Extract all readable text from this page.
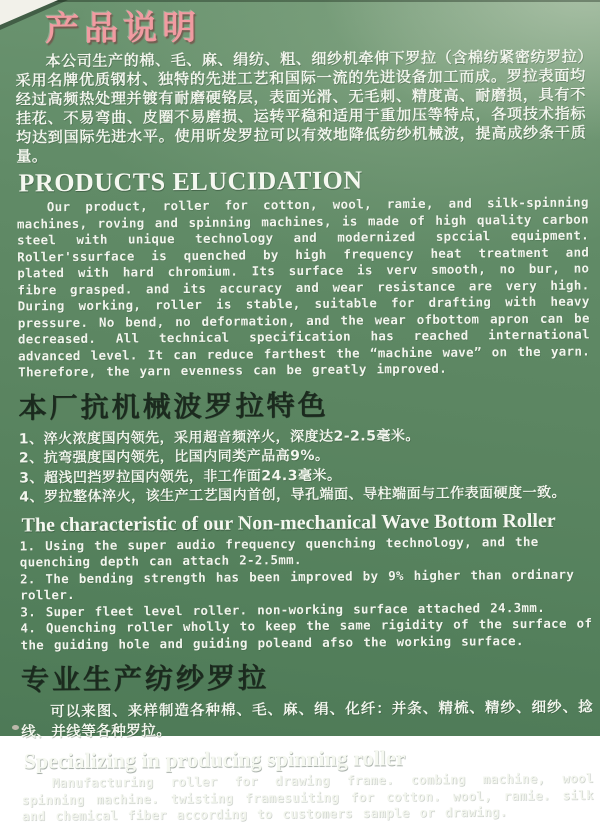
产品说明

本公司生产的棉、毛、麻、绢纺、粗、细纱机牵伸下罗拉（含棉纺紧密纺罗拉）采用名牌优质钢材、独特的先进工艺和国际一流的先进设备加工而成。罗拉表面均经过高频热处理并镀有耐磨硬铬层，表面光滑、无毛刺、精度高、耐磨损，具有不挂花、不易弯曲、皮圈不易磨损、运转平稳和适用于重加压等特点，各项技术指标均达到国际先进水平。使用昕发罗拉可以有效地降低纺纱机械波，提高成纱条干质量。

PRODUCTS ELUCIDATION

Our product, roller for cotton, wool, ramie, and silk-spinning machines, roving and spinning machines, is made of high quality carbon steel with unique technology and modernized spccial equipment. Roller'ssurface is quenched by high frequency heat treatment and plated with hard chromium. Its surface is verv smooth, no bur, no fibre grasped. and its accuracy and wear resistance are very high. During working, roller is stable, suitable for drafting with heavy pressure. No bend, no deformation, and the wear ofbottom apron can be decreased. All technical specification has reached international advanced level. It can reduce farthest the “machine wave” on the yarn. Therefore, the yarn evenness can be greatly improved.

本厂抗机械波罗拉特色
1、淬火浓度国内领先，采用超音频淬火，深度达2-2.5毫米。
2、抗弯强度国内领先，比国内同类产品高9%。
3、超浅凹挡罗拉国内领先，非工作面24.3毫米。
4、罗拉整体淬火，该生产工艺国内首创，导孔端面、导柱端面与工作表面硬度一致。
The characteristic of our Non-mechanical Wave Bottom Roller
1. Using the super audio frequency quenching technology, and the quenching depth can attach 2-2.5mm.
2. The bending strength has been improved by 9% higher than ordinary roller.
3. Super fleet level roller. non-working surface attached 24.3mm.
4. Quenching roller wholly to keep the same rigidity of the surface of the guiding hole and guiding poleand afso the working surface.
专业生产纺纱罗拉

可以来图、来样制造各种棉、毛、麻、绢、化纤：并条、精梳、精纱、细纱、捻线、并线等各种罗拉。

Specializing in producing spinning roller

Manufacturing roller for drawing frame. combing machine, wool spinning machine. twisting framesuiting for cotton. wool, ramie. silk and chemical fiber according to customers sample or drawing.
